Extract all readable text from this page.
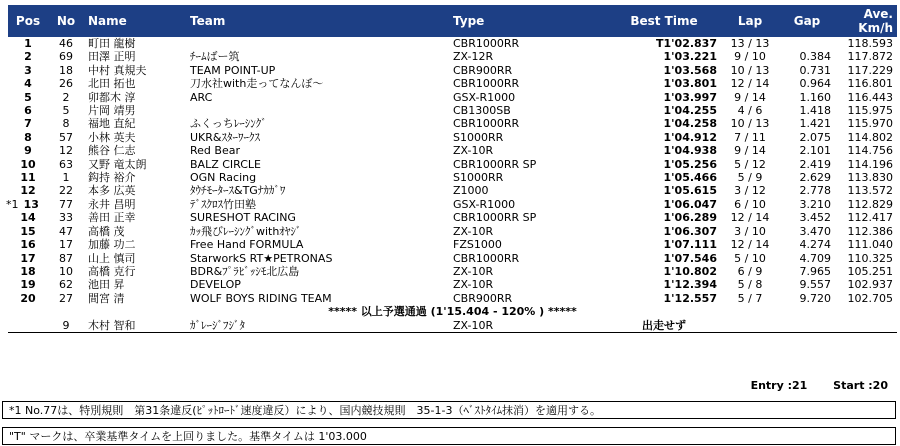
Pos	No	Name	Team	Type	Best Time	Lap	Gap	Ave.
Km/h

1	46	町田 龍樹		CBR1000RR	T1'02.837	13 / 13		118.593

2	69	田澤 正明	ﾁｰﾑばー筑	ZX-12R	1'03.221	9 / 10	0.384	117.872

3	18	中村 真規夫	TEAM POINT-UP	CBR900RR	1'03.568	10 / 13	0.731	117.229

4	26	北田 拓也	刀水社with走ってなんぼ～	CBR1000RR	1'03.801	12 / 14	0.964	116.801

5	2	卯都木 淳	ARC	GSX-R1000	1'03.997	9 / 14	1.160	116.443

6	5	片岡 靖男		CB1300SB	1'04.255	4 / 6	1.418	115.975

7	8	福地 直紀	ふくっちﾚｰｼﾝｸﾞ	CBR1000RR	1'04.258	10 / 13	1.421	115.970

8	57	小林 英夫	UKR&ｽﾀｰﾜｰｸｽ	S1000RR	1'04.912	7 / 11	2.075	114.802

9	12	熊谷 仁志	Red Bear	ZX-10R	1'04.938	9 / 14	2.101	114.756

10	63	又野 竜太朗	BALZ CIRCLE	CBR1000RR SP	1'05.256	5 / 12	2.419	114.196

11	1	鈎持 裕介	OGN Racing	S1000RR	1'05.466	5 / 9	2.629	113.830

12	22	本多 広英	ﾀｳﾁﾓｰﾀｰｽ&TGﾅｶｶﾞﾜ	Z1000	1'05.615	3 / 12	2.778	113.572

*1 13	77	永井 昌明	ﾃﾞｽｸﾛｽ竹田塾	GSX-R1000	1'06.047	6 / 10	3.210	112.829

14	33	善田 正幸	SURESHOT RACING	CBR1000RR SP	1'06.289	12 / 14	3.452	112.417

15	47	高橋 茂	ｶｯ飛びﾚｰｼﾝｸﾞwithｵﾔｼﾞ	ZX-10R	1'06.307	3 / 10	3.470	112.386

16	17	加藤 功二	Free Hand FORMULA	FZS1000	1'07.111	12 / 14	4.274	111.040

17	87	山上 慎司	StarworkS RT★PETRONAS	CBR1000RR	1'07.546	5 / 10	4.709	110.325

18	10	高橋 克行	BDR&ﾌﾟﾗﾋﾞｯｼﾓ北広島	ZX-10R	1'10.802	6 / 9	7.965	105.251

19	62	池田 昇	DEVELOP	ZX-10R	1'12.394	5 / 8	9.557	102.937

20	27	間宮 清	WOLF BOYS RIDING TEAM	CBR900RR	1'12.557	5 / 7	9.720	102.705
***** 以上予選通過 (1'15.404 - 120% ) *****								

	9	木村 智和	ｶﾞﾚｰｼﾞﾌｼﾞﾀ	ZX-10R	出走せず			
Entry :21 Start :20
*1 No.77は、特別規則　第31条違反(ﾋﾟｯﾄﾛｰﾄﾞ速度違反）により、国内競技規則　35-1-3（ﾍﾞｽﾄﾀｲﾑ抹消）を適用する。
"T" マークは、卒業基準タイムを上回りました。基準タイムは 1'03.000
